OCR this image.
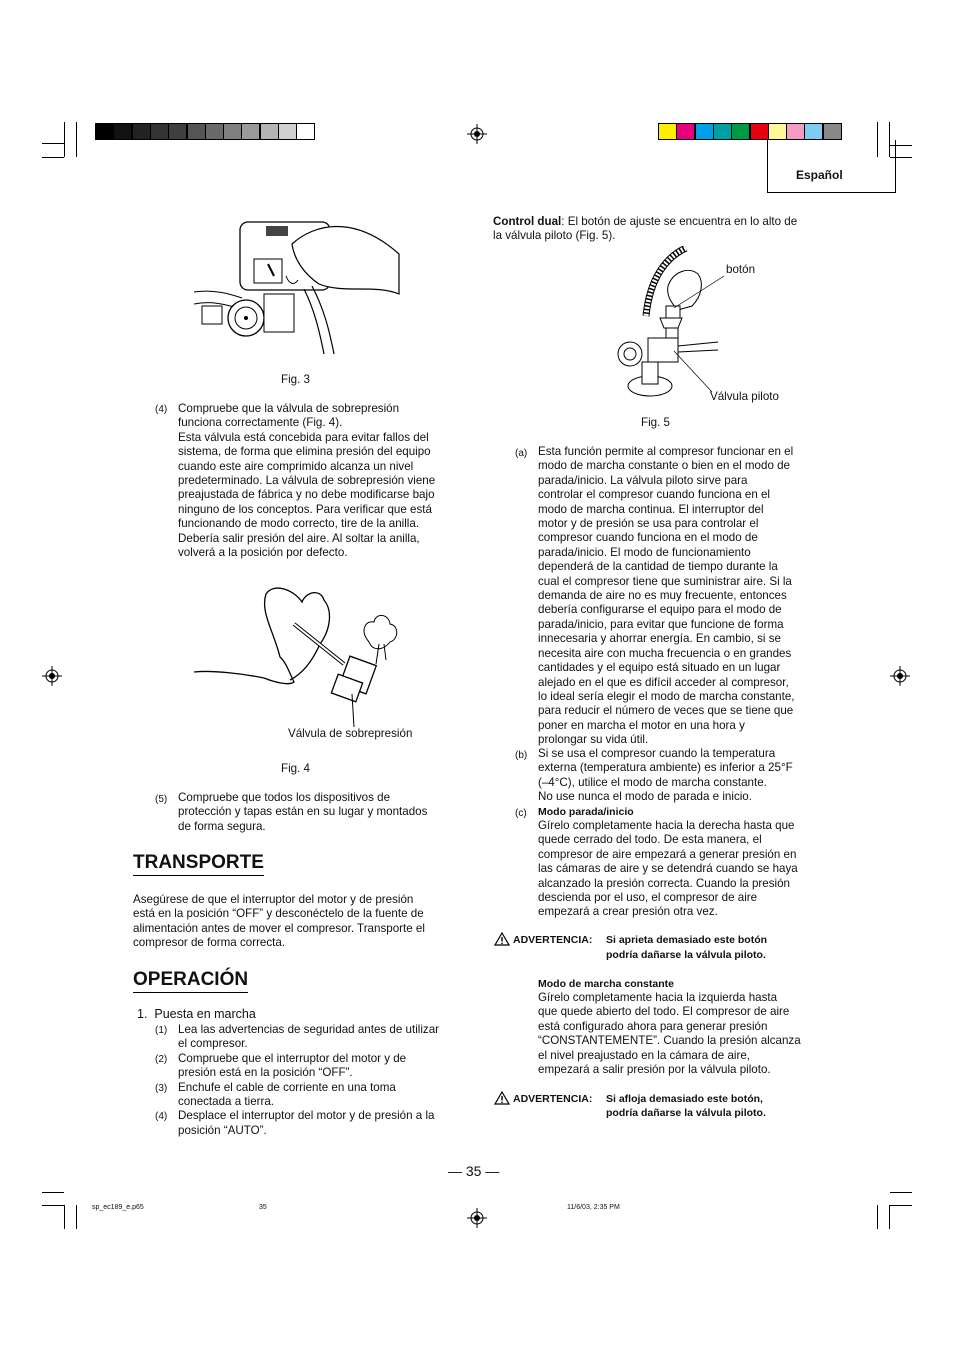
Español
Fig. 3
(4) Compruebe que la válvula de sobrepresión
funciona correctamente (Fig. 4).
Esta válvula está concebida para evitar fallos del
sistema, de forma que elimina presión del equipo
cuando este aire comprimido alcanza un nivel
predeterminado. La válvula de sobrepresión viene
preajustada de fábrica y no debe modificarse bajo
ninguno de los conceptos. Para verificar que está
funcionando de modo correcto, tire de la anilla.
Debería salir presión del aire. Al soltar la anilla,
volverá a la posición por defecto.
Válvula de sobrepresión
Fig. 4
(5) Compruebe que todos los dispositivos de
protección y tapas están en su lugar y montados
de forma segura.
TRANSPORTE
Asegúrese de que el interruptor del motor y de presión
está en la posición “OFF” y desconéctelo de la fuente de
alimentación antes de mover el compresor. Transporte el
compresor de forma correcta.
OPERACIÓN
1.  Puesta en marcha
(1) Lea las advertencias de seguridad antes de utilizar
el compresor.
(2) Compruebe que el interruptor del motor y de
presión está en la posición “OFF”.
(3) Enchufe el cable de corriente en una toma
conectada a tierra.
(4) Desplace el interruptor del motor y de presión a la
posición “AUTO”.
Control dual: El botón de ajuste se encuentra en lo alto de
la válvula piloto (Fig. 5).
botón
Válvula piloto
Fig. 5
(a) Esta función permite al compresor funcionar en el
modo de marcha constante o bien en el modo de
parada/inicio. La válvula piloto sirve para
controlar el compresor cuando funciona en el
modo de marcha continua. El interruptor del
motor y de presión se usa para controlar el
compresor cuando funciona en el modo de
parada/inicio. El modo de funcionamiento
dependerá de la cantidad de tiempo durante la
cual el compresor tiene que suministrar aire. Si la
demanda de aire no es muy frecuente, entonces
debería configurarse el equipo para el modo de
parada/inicio, para evitar que funcione de forma
innecesaria y ahorrar energía. En cambio, si se
necesita aire con mucha frecuencia o en grandes
cantidades y el equipo está situado en un lugar
alejado en el que es difícil acceder al compresor,
lo ideal sería elegir el modo de marcha constante,
para reducir el número de veces que se tiene que
poner en marcha el motor en una hora y
prolongar su vida útil.
(b) Si se usa el compresor cuando la temperatura
externa (temperatura ambiente) es inferior a 25°F
(–4°C), utilice el modo de marcha constante.
No use nunca el modo de parada e inicio.
(c) Modo parada/inicio
Gírelo completamente hacia la derecha hasta que
quede cerrado del todo. De esta manera, el
compresor de aire empezará a generar presión en
las cámaras de aire y se detendrá cuando se haya
alcanzado la presión correcta. Cuando la presión
descienda por el uso, el compresor de aire
empezará a crear presión otra vez.
ADVERTENCIA: Si aprieta demasiado este botón
podría dañarse la válvula piloto.
Modo de marcha constante
Gírelo completamente hacia la izquierda hasta
que quede abierto del todo. El compresor de aire
está configurado ahora para generar presión
“CONSTANTEMENTE”. Cuando la presión alcanza
el nivel preajustado en la cámara de aire,
empezará a salir presión por la válvula piloto.
ADVERTENCIA: Si afloja demasiado este botón,
podría dañarse la válvula piloto.
— 35 —
sp_ec189_e.p65	35	11/6/03, 2:35 PM
